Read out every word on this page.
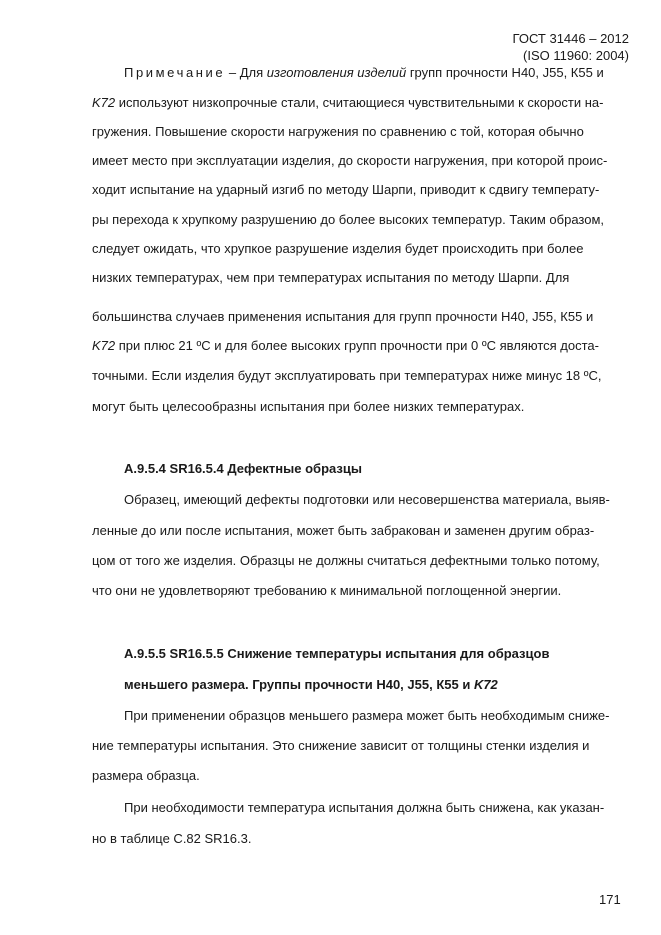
ГОСТ 31446 – 2012
(ISO 11960: 2004)
Примечание – Для изготовления изделий групп прочности Н40, J55, К55 и
K72 используют низкопрочные стали, считающиеся чувствительными к скорости на-
гружения. Повышение скорости нагружения по сравнению с той, которая обычно
имеет место при эксплуатации изделия, до скорости нагружения, при которой проис-
ходит испытание на ударный изгиб по методу Шарпи, приводит к сдвигу температу-
ры перехода к хрупкому разрушению до более высоких температур. Таким образом,
следует ожидать, что хрупкое разрушение изделия будет происходить при более
низких температурах, чем при температурах испытания по методу Шарпи. Для
большинства случаев применения испытания для групп прочности Н40, J55, К55 и
K72 при плюс 21 ºС и для более высоких групп прочности при 0 ºС являются доста-
точными. Если изделия будут эксплуатировать при температурах ниже минус 18 ºС,
могут быть целесообразны испытания при более низких температурах.
А.9.5.4 SR16.5.4 Дефектные образцы
Образец, имеющий дефекты подготовки или несовершенства материала, выяв-
ленные до или после испытания, может быть забракован и заменен другим образ-
цом от того же изделия. Образцы не должны считаться дефектными только потому,
что они не удовлетворяют требованию к минимальной поглощенной энергии.
А.9.5.5 SR16.5.5 Снижение температуры испытания для образцов
меньшего размера. Группы прочности Н40, J55, К55 и K72
При применении образцов меньшего размера может быть необходимым сниже-
ние температуры испытания. Это снижение зависит от толщины стенки изделия и
размера образца.
При необходимости температура испытания должна быть снижена, как указан-
но в таблице С.82 SR16.3.
171
